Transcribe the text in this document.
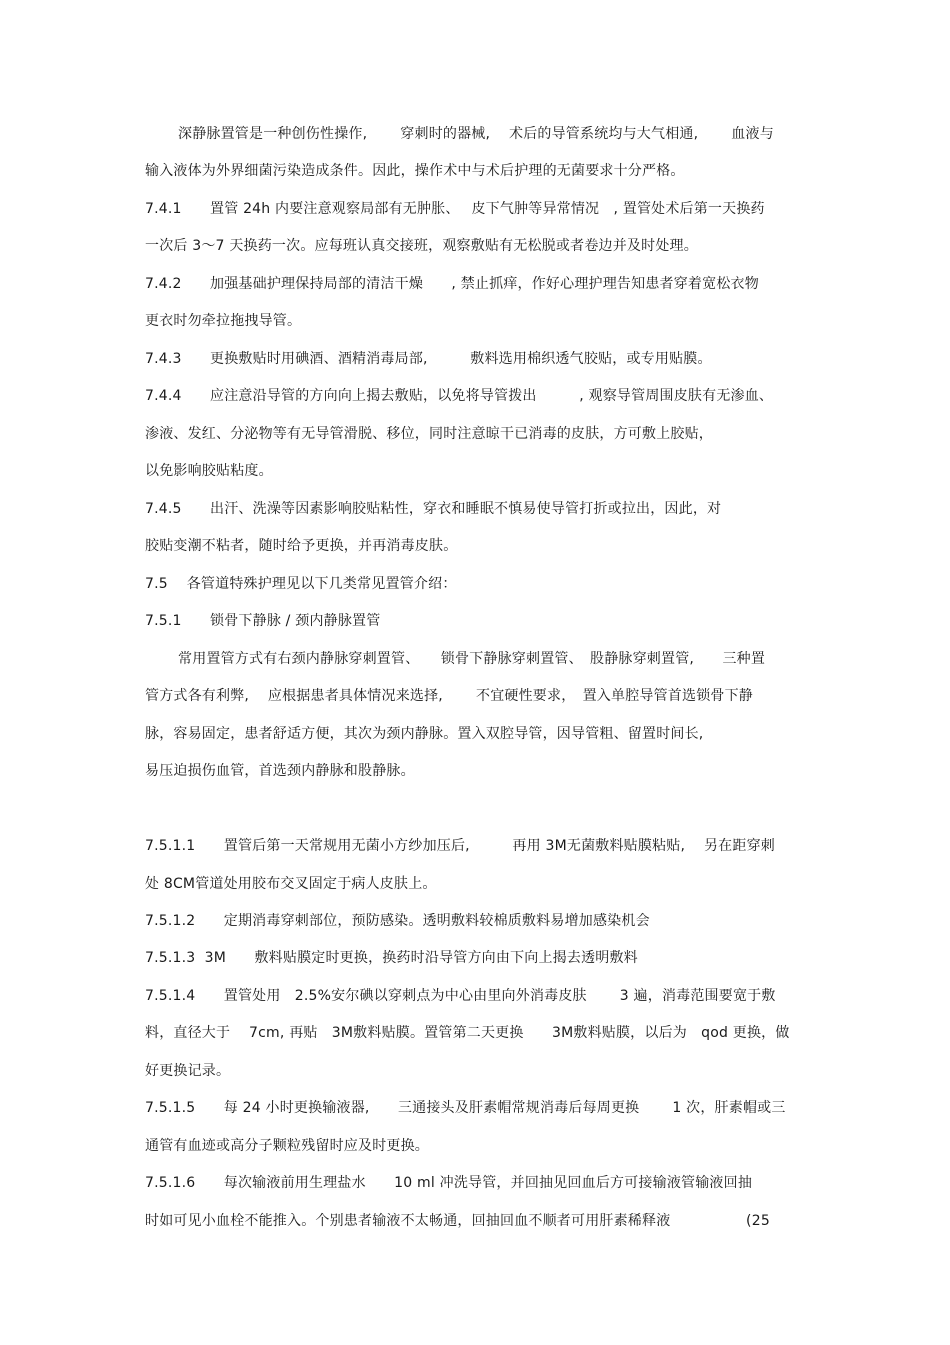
深静脉置管是一种创伤性操作,　　 穿刺时的器械,　 术后的导管系统均与大气相通,　　 血液与
输入液体为外界细菌污染造成条件。因此，操作术中与术后护理的无菌要求十分严格。
7.4.1　　置管 24h 内要注意观察局部有无肿胀、　 皮下气肿等异常情况　, 置管处术后第一天换药
一次后 3～7 天换药一次。应每班认真交接班，观察敷贴有无松脱或者卷边并及时处理。
7.4.2　　加强基础护理保持局部的清洁干燥　　, 禁止抓痒，作好心理护理告知患者穿着宽松衣物
更衣时勿牵拉拖拽导管。
7.4.3　　更换敷贴时用碘酒、酒精消毒局部,　　　敷料选用棉织透气胶贴，或专用贴膜。
7.4.4　　应注意沿导管的方向向上揭去敷贴，以免将导管拨出　　　, 观察导管周围皮肤有无渗血、
渗液、发红、分泌物等有无导管滑脱、移位，同时注意晾干已消毒的皮肤，方可敷上胶贴，
以免影响胶贴粘度。
7.4.5　　出汗、洗澡等因素影响胶贴粘性，穿衣和睡眠不慎易使导管打折或拉出，因此，对
胶贴变潮不粘者，随时给予更换，并再消毒皮肤。
7.5　 各管道特殊护理见以下几类常见置管介绍：
7.5.1　　锁骨下静脉 / 颈内静脉置管
常用置管方式有右颈内静脉穿刺置管、　　锁骨下静脉穿刺置管、　股静脉穿刺置管,　　三种置
管方式各有利弊,　 应根据患者具体情况来选择,　　 不宜硬性要求，　置入单腔导管首选锁骨下静
脉，容易固定，患者舒适方便，其次为颈内静脉。置入双腔导管，因导管粗、留置时间长,
易压迫损伤血管，首选颈内静脉和股静脉。
7.5.1.1　　置管后第一天常规用无菌小方纱加压后,　　　再用 3M无菌敷料贴膜粘贴,　 另在距穿刺
处 8CM管道处用胶布交叉固定于病人皮肤上。
7.5.1.2　　定期消毒穿刺部位，预防感染。透明敷料较棉质敷料易增加感染机会
7.5.1.3  3M　　敷料贴膜定时更换，换药时沿导管方向由下向上揭去透明敷料
7.5.1.4　　置管处用　2.5%安尔碘以穿刺点为中心由里向外消毒皮肤　　 3 遍，消毒范围要宽于敷
料，直径大于　 7cm, 再贴　3M敷料贴膜。置管第二天更换　　3M敷料贴膜，以后为　qod 更换，做
好更换记录。
7.5.1.5　　每 24 小时更换输液器,　　三通接头及肝素帽常规消毒后每周更换　　 1 次，肝素帽或三
通管有血迹或高分子颗粒残留时应及时更换。
7.5.1.6　　每次输液前用生理盐水　　10 ml 冲洗导管，并回抽见回血后方可接输液管输液回抽
时如可见小血栓不能推入。个别患者输液不太畅通，回抽回血不顺者可用肝素稀释液　　　　　 (25
